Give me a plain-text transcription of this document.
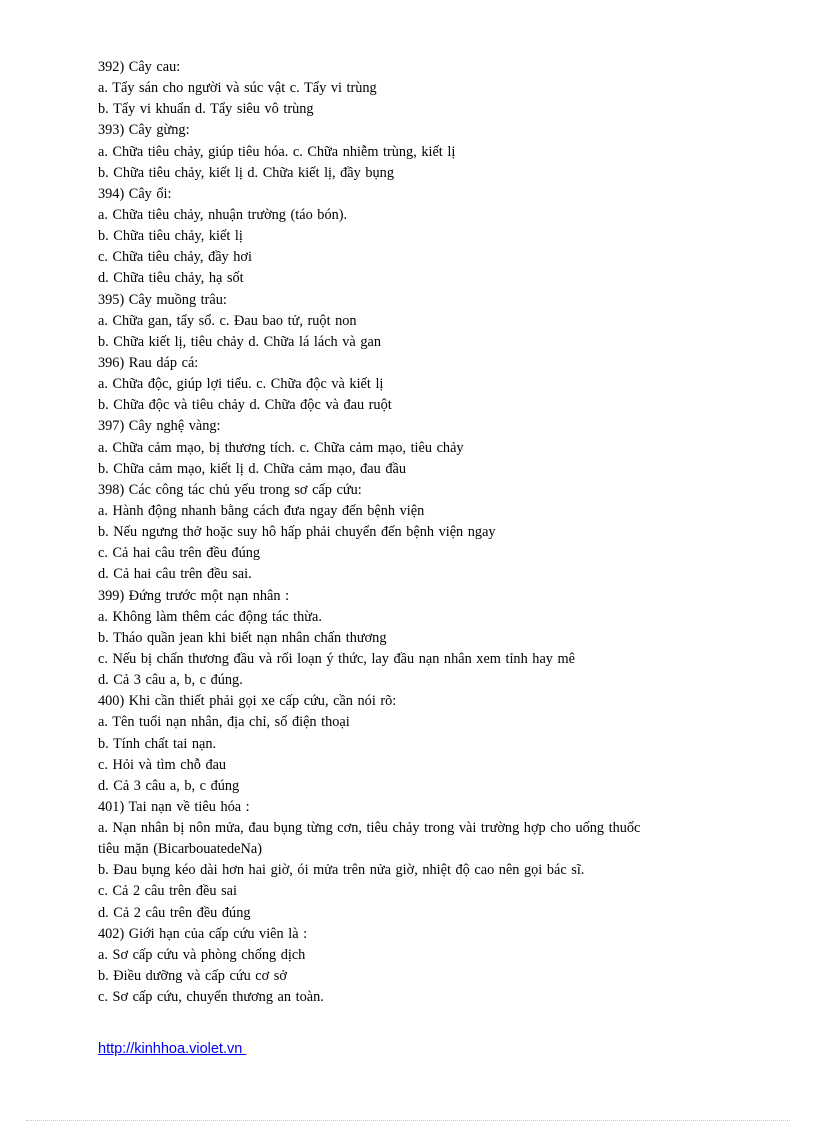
392) Cây cau:
a. Tẩy sán cho người và súc vật c. Tẩy vi trùng
b. Tẩy vi khuẩn d. Tẩy siêu vô trùng
393) Cây gừng:
a. Chữa tiêu chảy, giúp tiêu hóa. c. Chữa nhiễm trùng, kiết lị
b. Chữa tiêu chảy, kiết lị d. Chữa kiết lị, đầy bụng
394) Cây ổi:
a. Chữa tiêu chảy, nhuận trường (táo bón).
b. Chữa tiêu chảy, kiết lị
c. Chữa tiêu chảy, đầy hơi
d. Chữa tiêu chảy, hạ sốt
395) Cây muồng trâu:
a. Chữa gan, tẩy sổ. c. Đau bao tử, ruột non
b. Chữa kiết lị, tiêu chảy d. Chữa lá lách và gan
396) Rau dáp cá:
a. Chữa độc, giúp lợi tiểu. c. Chữa độc và kiết lị
b. Chữa độc và tiêu chảy d. Chữa độc và đau ruột
397) Cây nghệ vàng:
a. Chữa cảm mạo, bị thương tích. c. Chữa cảm mạo, tiêu chảy
b. Chữa cảm mạo, kiết lị d. Chữa cảm mạo, đau đầu
398) Các công tác chủ yếu trong sơ cấp cứu:
a. Hành động nhanh bằng cách đưa ngay đến bệnh viện
b. Nếu ngưng thở hoặc suy hô hấp phải chuyển đến bệnh viện ngay
c. Cả hai câu trên đều đúng
d. Cả hai câu trên đều sai.
399) Đứng trước một nạn nhân :
a. Không làm thêm các động tác thừa.
b. Tháo quần jean khi biết nạn nhân chấn thương
c. Nếu bị chấn thương đầu và rối loạn ý thức, lay đầu nạn nhân xem tỉnh hay mê
d. Cả 3 câu a, b, c đúng.
400) Khi cần thiết phải gọi xe cấp cứu, cần nói rõ:
a. Tên tuổi nạn nhân, địa chỉ, số điện thoại
b. Tính chất tai nạn.
c. Hỏi và tìm chỗ đau
d. Cả 3 câu a, b, c đúng
401) Tai nạn về tiêu hóa :
a. Nạn nhân bị nôn mửa, đau bụng từng cơn, tiêu chảy trong vài trường hợp cho uống thuốc
tiêu mặn (BicarbouatedeNa)
b. Đau bụng kéo dài hơn hai giờ, ói mửa trên nửa giờ, nhiệt độ cao nên gọi bác sĩ.
c. Cả 2 câu trên đều sai
d. Cả 2 câu trên đều đúng
402) Giới hạn của cấp cứu viên là :
a. Sơ cấp cứu và phòng chống dịch
b. Điều dưỡng và cấp cứu cơ sở
c. Sơ cấp cứu, chuyển thương an toàn.
http://kinhhoa.violet.vn
